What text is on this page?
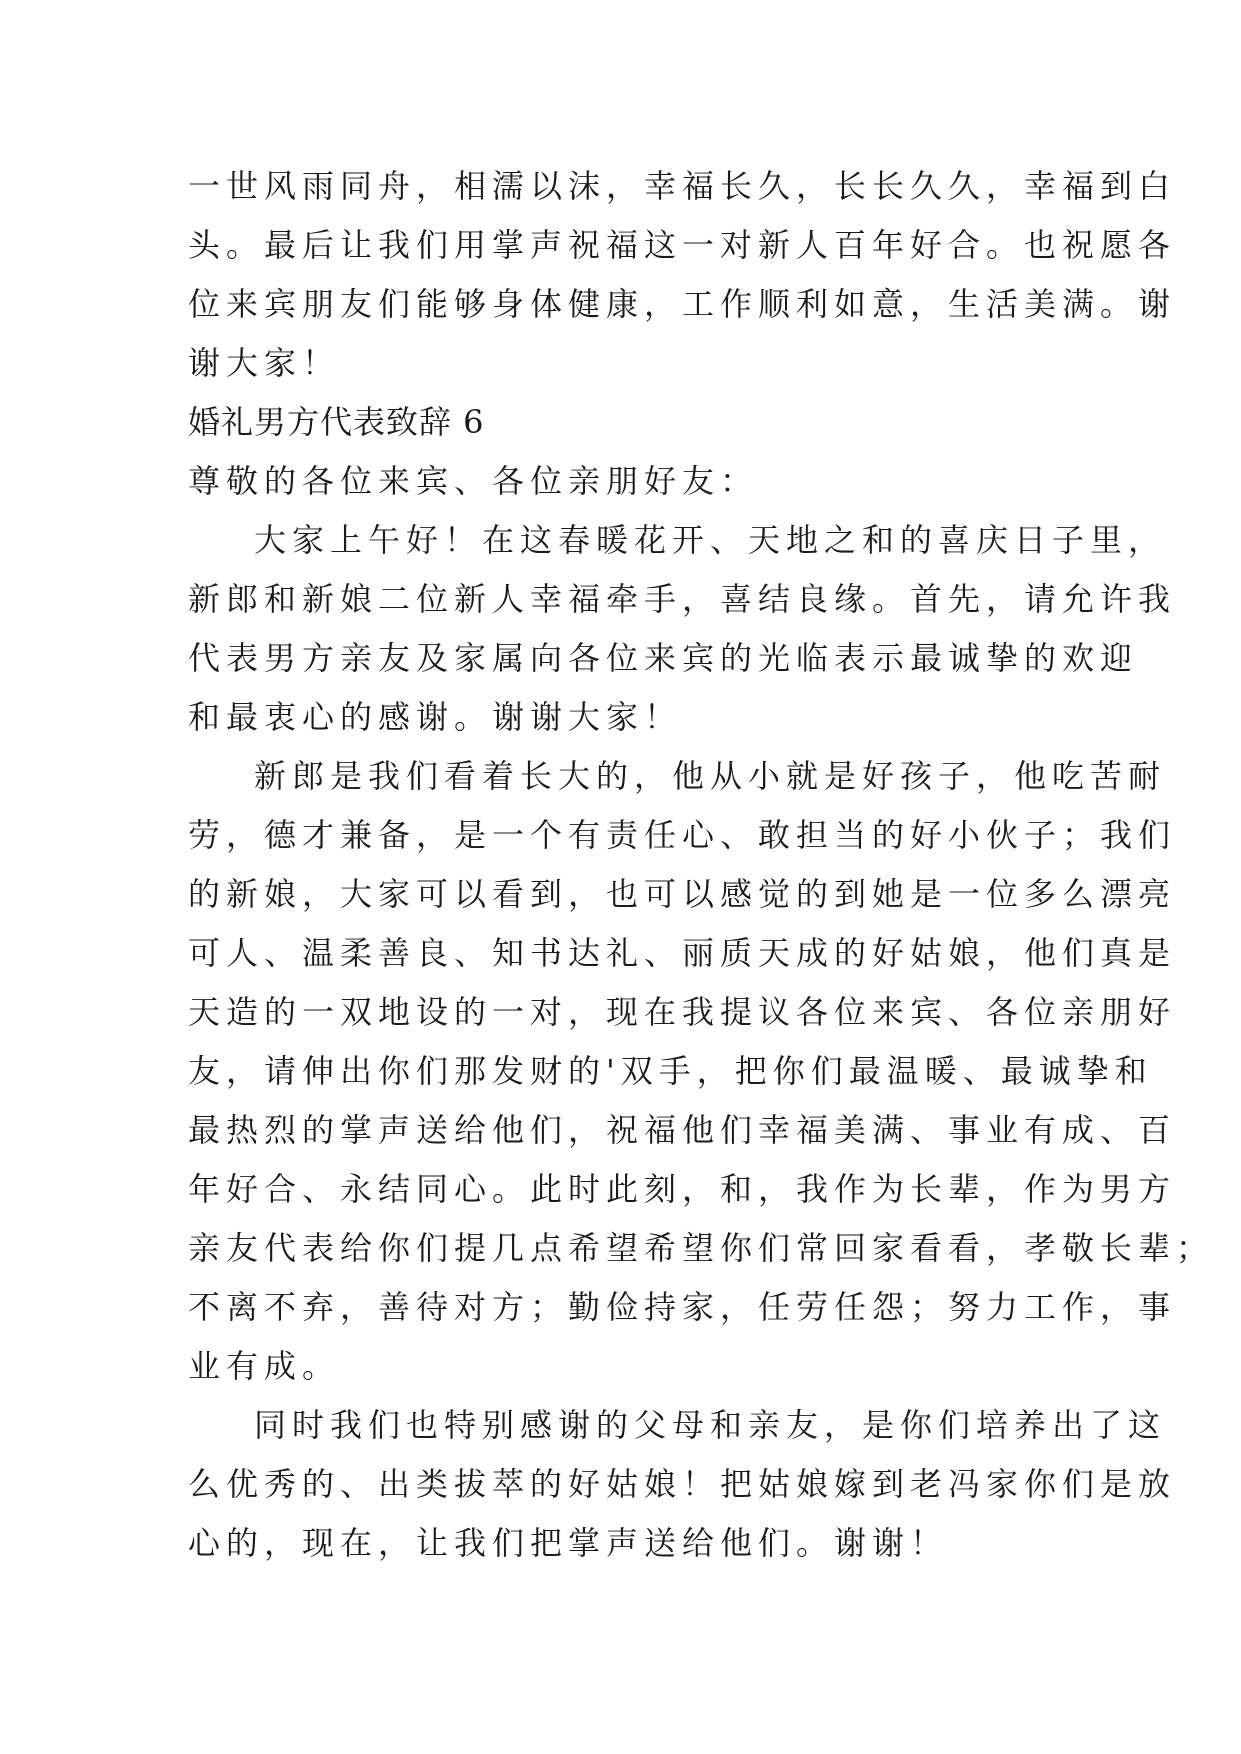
一世风雨同舟，相濡以沫，幸福长久，长长久久，幸福到白

头。最后让我们用掌声祝福这一对新人百年好合。也祝愿各

位来宾朋友们能够身体健康，工作顺利如意，生活美满。谢

谢大家！

婚礼男方代表致辞 6

尊敬的各位来宾、各位亲朋好友：

大家上午好！在这春暖花开、天地之和的喜庆日子里，

新郎和新娘二位新人幸福牵手，喜结良缘。首先，请允许我

代表男方亲友及家属向各位来宾的光临表示最诚挚的欢迎

和最衷心的感谢。谢谢大家！

新郎是我们看着长大的，他从小就是好孩子，他吃苦耐

劳，德才兼备，是一个有责任心、敢担当的好小伙子；我们

的新娘，大家可以看到，也可以感觉的到她是一位多么漂亮

可人、温柔善良、知书达礼、丽质天成的好姑娘，他们真是

天造的一双地设的一对，现在我提议各位来宾、各位亲朋好

友，请伸出你们那发财的'双手，把你们最温暖、最诚挚和

最热烈的掌声送给他们，祝福他们幸福美满、事业有成、百

年好合、永结同心。此时此刻，和，我作为长辈，作为男方

亲友代表给你们提几点希望希望你们常回家看看，孝敬长辈；

不离不弃，善待对方；勤俭持家，任劳任怨；努力工作，事

业有成。

同时我们也特别感谢的父母和亲友，是你们培养出了这

么优秀的、出类拔萃的好姑娘！把姑娘嫁到老冯家你们是放

心的，现在，让我们把掌声送给他们。谢谢！
